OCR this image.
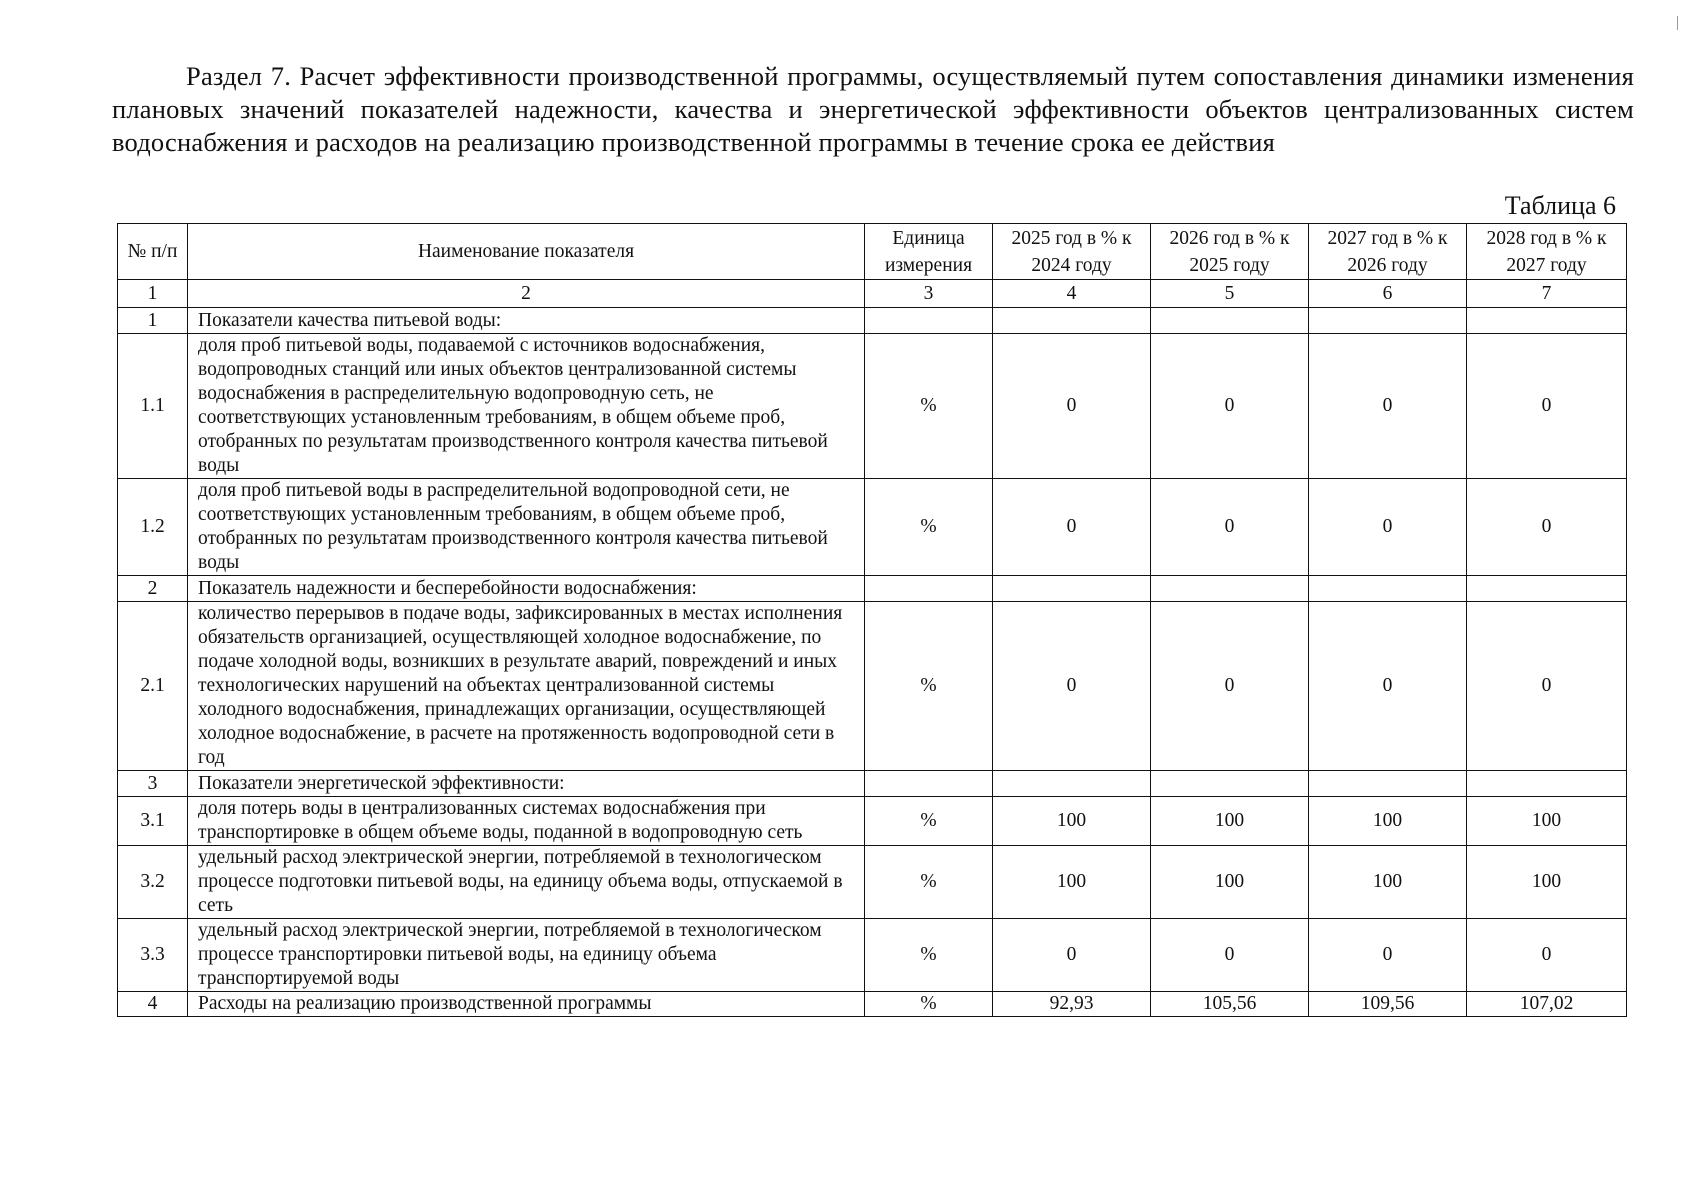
Раздел 7. Расчет эффективности производственной программы, осуществляемый путем сопоставления динамики изменения плановых значений показателей надежности, качества и энергетической эффективности объектов централизованных систем водоснабжения и расходов на реализацию производственной программы в течение срока ее действия
Таблица 6
№ п/п	Наименование показателя	Единица измерения	2025 год в % к 2024 году	2026 год в % к 2025 году	2027 год в % к 2026 году	2028 год в % к 2027 году
1	2	3	4	5	6	7
1	Показатели качества питьевой воды:					
1.1	доля проб питьевой воды, подаваемой с источников водоснабжения, водопроводных станций или иных объектов централизованной системы водоснабжения в распределительную водопроводную сеть, не соответствующих установленным требованиям, в общем объеме проб, отобранных по результатам производственного контроля качества питьевой воды	%	0	0	0	0
1.2	доля проб питьевой воды в распределительной водопроводной сети, не соответствующих установленным требованиям, в общем объеме проб, отобранных по результатам производственного контроля качества питьевой воды	%	0	0	0	0
2	Показатель надежности и бесперебойности водоснабжения:					
2.1	количество перерывов в подаче воды, зафиксированных в местах исполнения обязательств организацией, осуществляющей холодное водоснабжение, по подаче холодной воды, возникших в результате аварий, повреждений и иных технологических нарушений на объектах централизованной системы холодного водоснабжения, принадлежащих организации, осуществляющей холодное водоснабжение, в расчете на протяженность водопроводной сети в год	%	0	0	0	0
3	Показатели энергетической эффективности:					
3.1	доля потерь воды в централизованных системах водоснабжения при транспортировке в общем объеме воды, поданной в водопроводную сеть	%	100	100	100	100
3.2	удельный расход электрической энергии, потребляемой в технологическом процессе подготовки питьевой воды, на единицу объема воды, отпускаемой в сеть	%	100	100	100	100
3.3	удельный расход электрической энергии, потребляемой в технологическом процессе транспортировки питьевой воды, на единицу объема транспортируемой воды	%	0	0	0	0
4	Расходы на реализацию производственной программы	%	92,93	105,56	109,56	107,02
